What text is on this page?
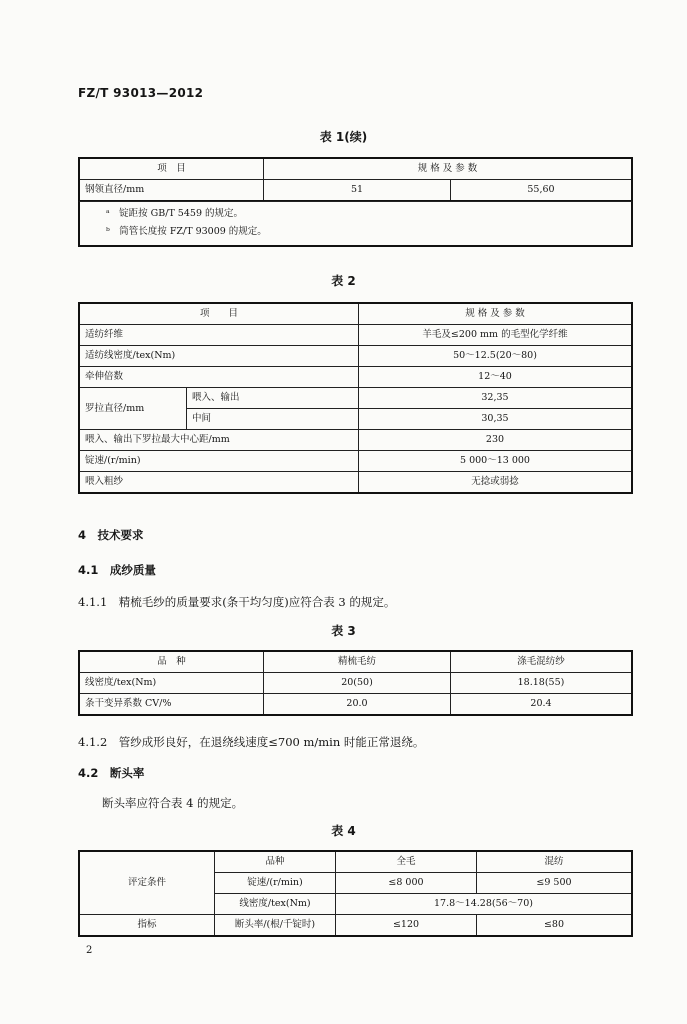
FZ/T 93013—2012
表 1(续)
项　目	规 格 及 参 数	
钢领直径/mm	51	55,60
ᵃ　锭距按 GB/T 5459 的规定。
ᵇ　筒管长度按 FZ/T 93009 的规定。
表 2
项　　目		规 格 及 参 数
适纺纤维		羊毛及≤200 mm 的毛型化学纤维
适纺线密度/tex(Nm)		50～12.5(20～80)
牵伸倍数		12～40
罗拉直径/mm	喂入、输出	32,35
	中间	30,35
喂入、输出下罗拉最大中心距/mm		230
锭速/(r/min)		5 000～13 000
喂入粗纱		无捻或弱捻
4　技术要求
4.1　成纱质量
4.1.1　精梳毛纱的质量要求(条干均匀度)应符合表 3 的规定。
表 3
品　种	精梳毛纺	涤毛混纺纱
线密度/tex(Nm)	20(50)	18.18(55)
条干变异系数 CV/%	20.0	20.4
4.1.2　管纱成形良好，在退绕线速度≤700 m/min 时能正常退绕。
4.2　断头率
断头率应符合表 4 的规定。
表 4
评定条件	品种	全毛	混纺
	锭速/(r/min)	≤8 000	≤9 500
	线密度/tex(Nm)	17.8～14.28(56～70)	
指标	断头率/(根/千锭时)	≤120	≤80
2
